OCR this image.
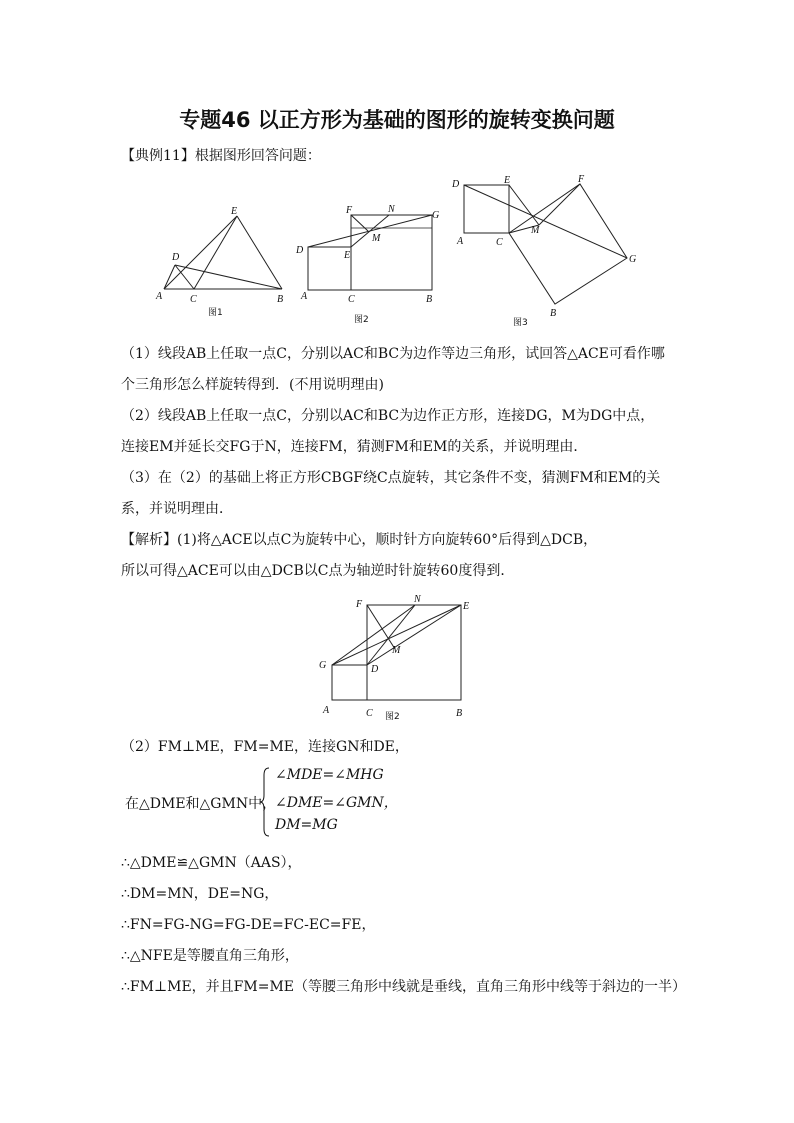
专题46 以正方形为基础的图形的旋转变换问题
【典例11】根据图形回答问题：
A	C	B
D
E
图1
A	C	B
D	E
F	N
G
M
图2
A	C
B
D	E	F
G
M
图3
（1）线段AB上任取一点C，分别以AC和BC为边作等边三角形，试回答△ACE可看作哪
个三角形怎么样旋转得到．(不用说明理由)
（2）线段AB上任取一点C，分别以AC和BC为边作正方形，连接DG，M为DG中点，
连接EM并延长交FG于N，连接FM，猜测FM和EM的关系，并说明理由．
（3）在（2）的基础上将正方形CBGF绕C点旋转，其它条件不变，猜测FM和EM的关
系，并说明理由．
【解析】(1)将△ACE以点C为旋转中心，顺时针方向旋转60°后得到△DCB，
所以可得△ACE可以由△DCB以C点为轴逆时针旋转60度得到．
A	C	B
D
E
F	N
G
M
图2
（2）FM⊥ME，FM=ME，连接GN和DE，
在△DME和△GMN中，
∠MDE=∠MHG
∠DME=∠GMN，
DM=MG
∴△DME≌△GMN（AAS），
∴DM=MN，DE=NG，
∴FN=FG-NG=FG-DE=FC-EC=FE，
∴△NFE是等腰直角三角形，
∴FM⊥ME，并且FM=ME（等腰三角形中线就是垂线，直角三角形中线等于斜边的一半）
